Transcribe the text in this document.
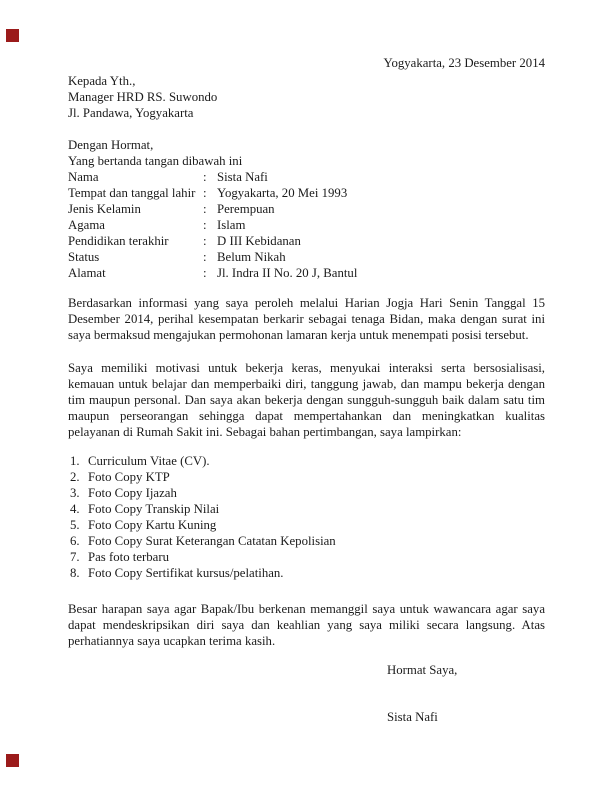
Yogyakarta, 23 Desember 2014
Kepada Yth.,
Manager HRD RS. Suwondo
Jl. Pandawa, Yogyakarta
Dengan Hormat,
Yang bertanda tangan dibawah ini
Nama	: Sista Nafi
Tempat dan tanggal lahir : Yogyakarta, 20 Mei 1993
Jenis Kelamin	: Perempuan
Agama	: Islam
Pendidikan terakhir	: D III Kebidanan
Status	: Belum Nikah
Alamat	: Jl. Indra II No. 20 J, Bantul

Berdasarkan informasi yang saya peroleh melalui Harian Jogja Hari Senin Tanggal 15 Desember 2014, perihal kesempatan berkarir sebagai tenaga Bidan, maka dengan surat ini saya bermaksud mengajukan permohonan lamaran kerja untuk menempati posisi tersebut.

Saya memiliki motivasi untuk bekerja keras, menyukai interaksi serta bersosialisasi, kemauan untuk belajar dan memperbaiki diri, tanggung jawab, dan mampu bekerja dengan tim maupun personal. Dan saya akan bekerja dengan sungguh-sungguh baik dalam satu tim maupun perseorangan sehingga dapat mempertahankan dan meningkatkan kualitas pelayanan di Rumah Sakit ini. Sebagai bahan pertimbangan, saya lampirkan:

1. Curriculum Vitae (CV).
2. Foto Copy KTP
3. Foto Copy Ijazah
4. Foto Copy Transkip Nilai
5. Foto Copy Kartu Kuning
6. Foto Copy Surat Keterangan Catatan Kepolisian
7. Pas foto terbaru
8. Foto Copy Sertifikat kursus/pelatihan.

Besar harapan saya agar Bapak/Ibu berkenan memanggil saya untuk wawancara agar saya dapat mendeskripsikan diri saya dan keahlian yang saya miliki secara langsung. Atas perhatiannya saya ucapkan terima kasih.

Hormat Saya,
Sista Nafi
